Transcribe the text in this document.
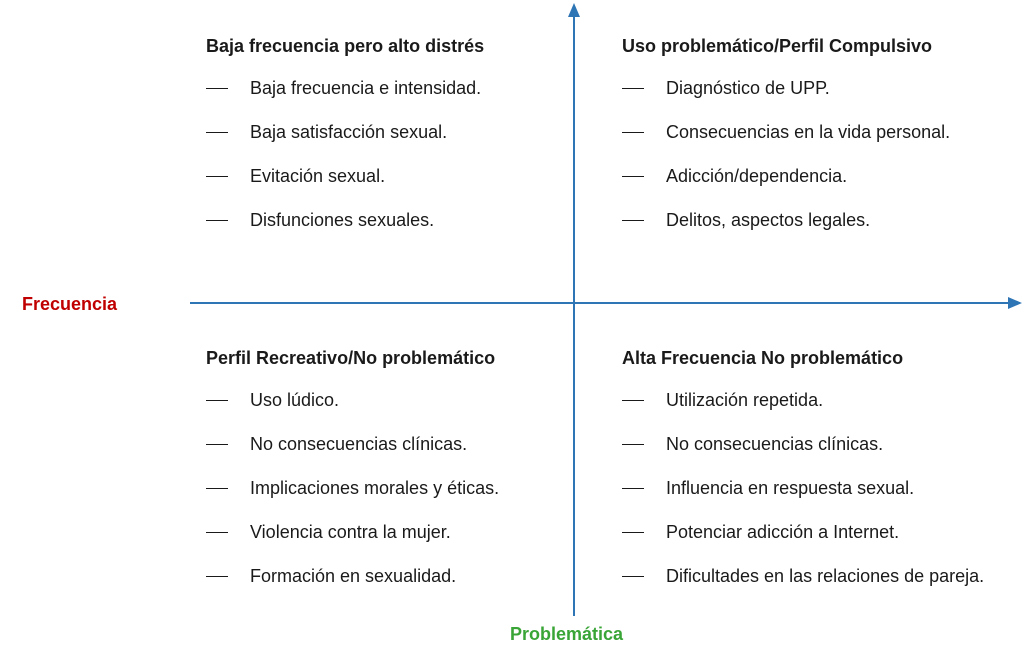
Frecuencia
Problemática
Baja frecuencia pero alto distrés
Baja frecuencia e intensidad.
Baja satisfacción sexual.
Evitación sexual.
Disfunciones sexuales.
Uso problemático/Perfil Compulsivo
Diagnóstico de UPP.
Consecuencias en la vida personal.
Adicción/dependencia.
Delitos, aspectos legales.
Perfil Recreativo/No problemático
Uso lúdico.
No consecuencias clínicas.
Implicaciones morales y éticas.
Violencia contra la mujer.
Formación en sexualidad.
Alta Frecuencia No problemático
Utilización repetida.
No consecuencias clínicas.
Influencia en respuesta sexual.
Potenciar adicción a Internet.
Dificultades en las relaciones de pareja.
